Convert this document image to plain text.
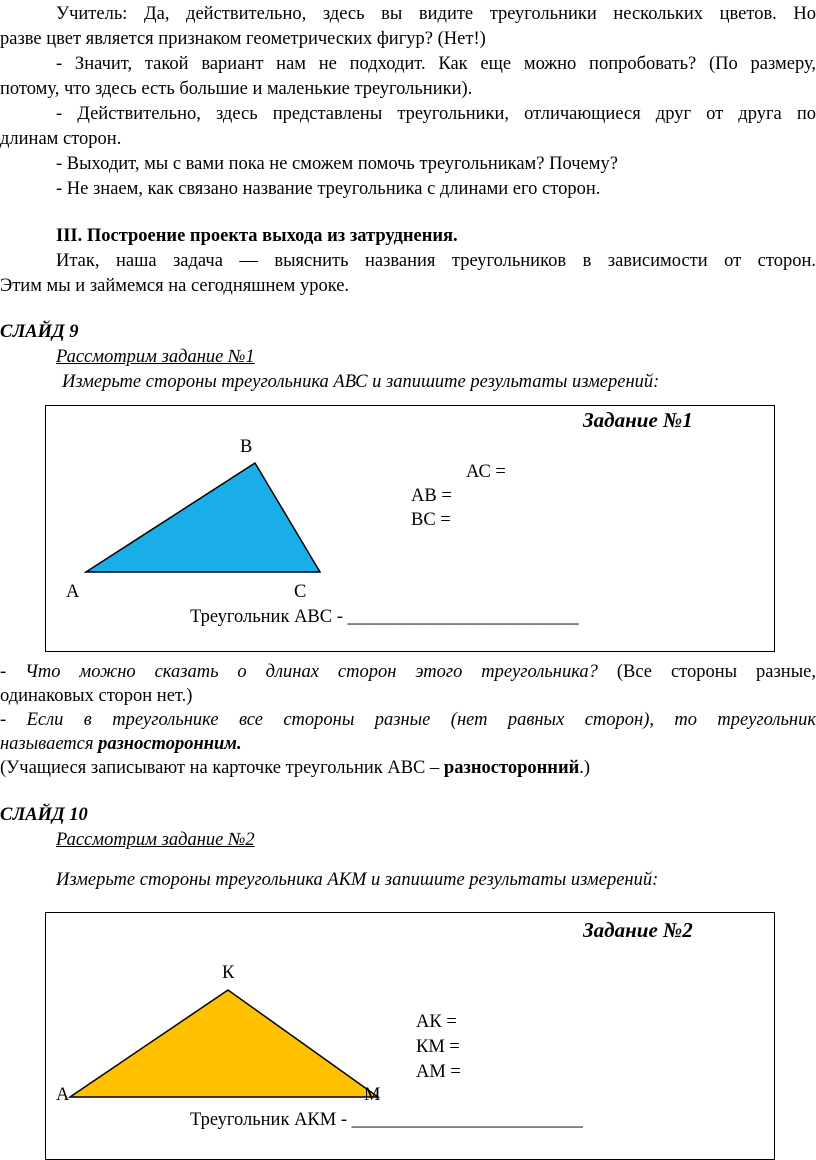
Учитель: Да, действительно, здесь вы видите треугольники нескольких цветов. Но
разве цвет является признаком геометрических фигур? (Нет!)
- Значит, такой вариант нам не подходит. Как еще можно попробовать? (По размеру,
потому, что здесь есть большие и маленькие треугольники).
- Действительно, здесь представлены треугольники, отличающиеся друг от друга по
длинам сторон.
- Выходит, мы с вами пока не сможем помочь треугольникам? Почему?
- Не знаем, как связано название треугольника с длинами его сторон.
III. Построение проекта выхода из затруднения.
Итак, наша задача — выяснить названия треугольников в зависимости от сторон.
Этим мы и займемся на сегодняшнем уроке.
СЛАЙД 9
Рассмотрим задание №1
Измерьте стороны треугольника АВС и запишите результаты измерений:
Задание №1
В
А	С
АС =
АВ =
ВС =
Треугольник АВС - _________________________
- Что можно сказать о длинах сторон этого треугольника? (Все стороны разные,
одинаковых сторон нет.)
- Если в треугольнике все стороны разные (нет равных сторон), то треугольник
называется разносторонним.
(Учащиеся записывают на карточке треугольник АВС – разносторонний.)
СЛАЙД 10
Рассмотрим задание №2
Измерьте стороны треугольника АКМ и запишите результаты измерений:
Задание №2
К
АК =
КМ =
АМ =
А	М
Треугольник АКМ - _________________________
